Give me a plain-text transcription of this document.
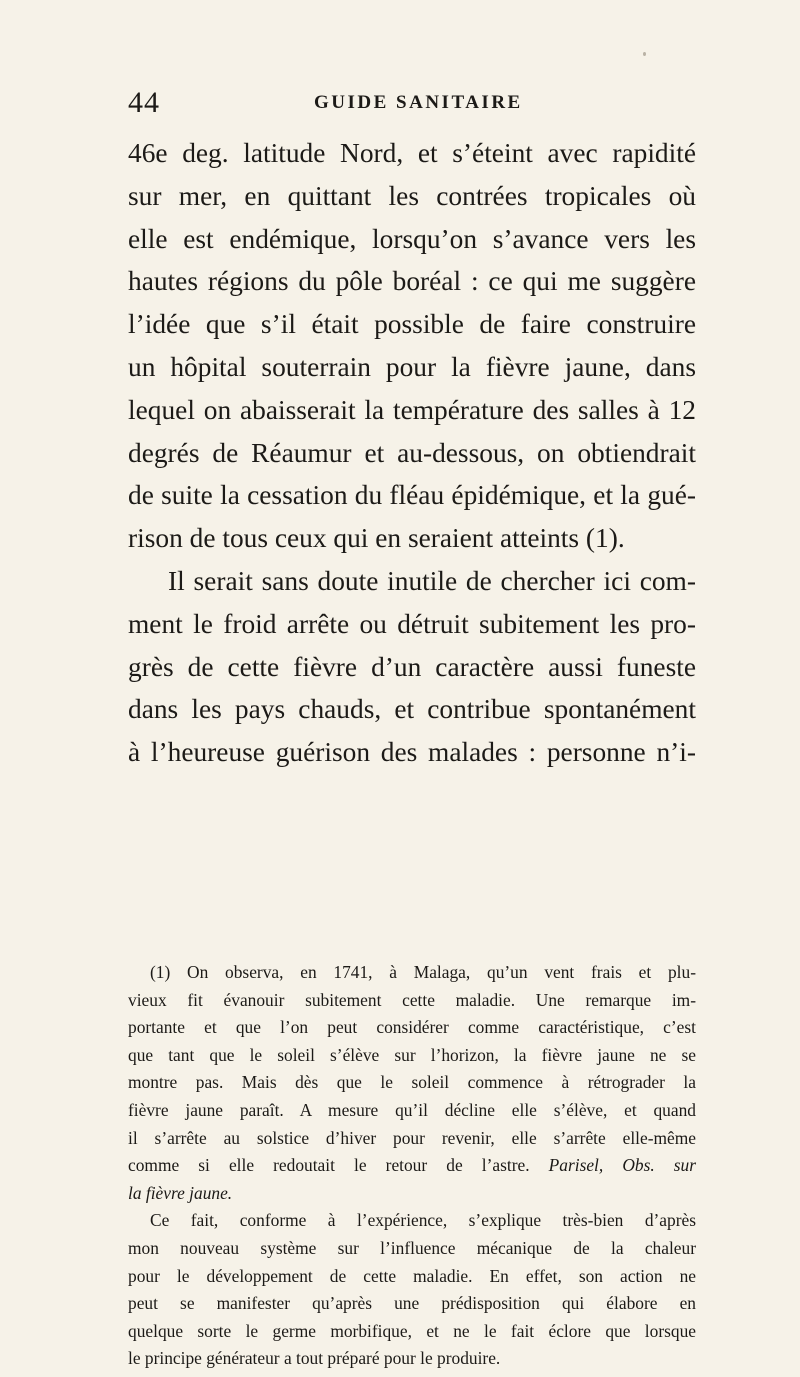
44	GUIDE SANITAIRE
46e deg. latitude Nord, et s’éteint avec rapidité
sur mer, en quittant les contrées tropicales où
elle est endémique, lorsqu’on s’avance vers les
hautes régions du pôle boréal : ce qui me suggère
l’idée que s’il était possible de faire construire
un hôpital souterrain pour la fièvre jaune, dans
lequel on abaisserait la température des salles à 12
degrés de Réaumur et au-dessous, on obtiendrait
de suite la cessation du fléau épidémique, et la gué-
rison de tous ceux qui en seraient atteints (1).
Il serait sans doute inutile de chercher ici com-
ment le froid arrête ou détruit subitement les pro-
grès de cette fièvre d’un caractère aussi funeste
dans les pays chauds, et contribue spontanément
à l’heureuse guérison des malades : personne n’i-
(1) On observa, en 1741, à Malaga, qu’un vent frais et plu-
vieux fit évanouir subitement cette maladie. Une remarque im-
portante et que l’on peut considérer comme caractéristique, c’est
que tant que le soleil s’élève sur l’horizon, la fièvre jaune ne se
montre pas. Mais dès que le soleil commence à rétrograder la
fièvre jaune paraît. A mesure qu’il décline elle s’élève, et quand
il s’arrête au solstice d’hiver pour revenir, elle s’arrête elle-même
comme si elle redoutait le retour de l’astre. Parisel, Obs. sur
la fièvre jaune.
Ce fait, conforme à l’expérience, s’explique très-bien d’après
mon nouveau système sur l’influence mécanique de la chaleur
pour le développement de cette maladie. En effet, son action ne
peut se manifester qu’après une prédisposition qui élabore en
quelque sorte le germe morbifique, et ne le fait éclore que lorsque
le principe générateur a tout préparé pour le produire.
